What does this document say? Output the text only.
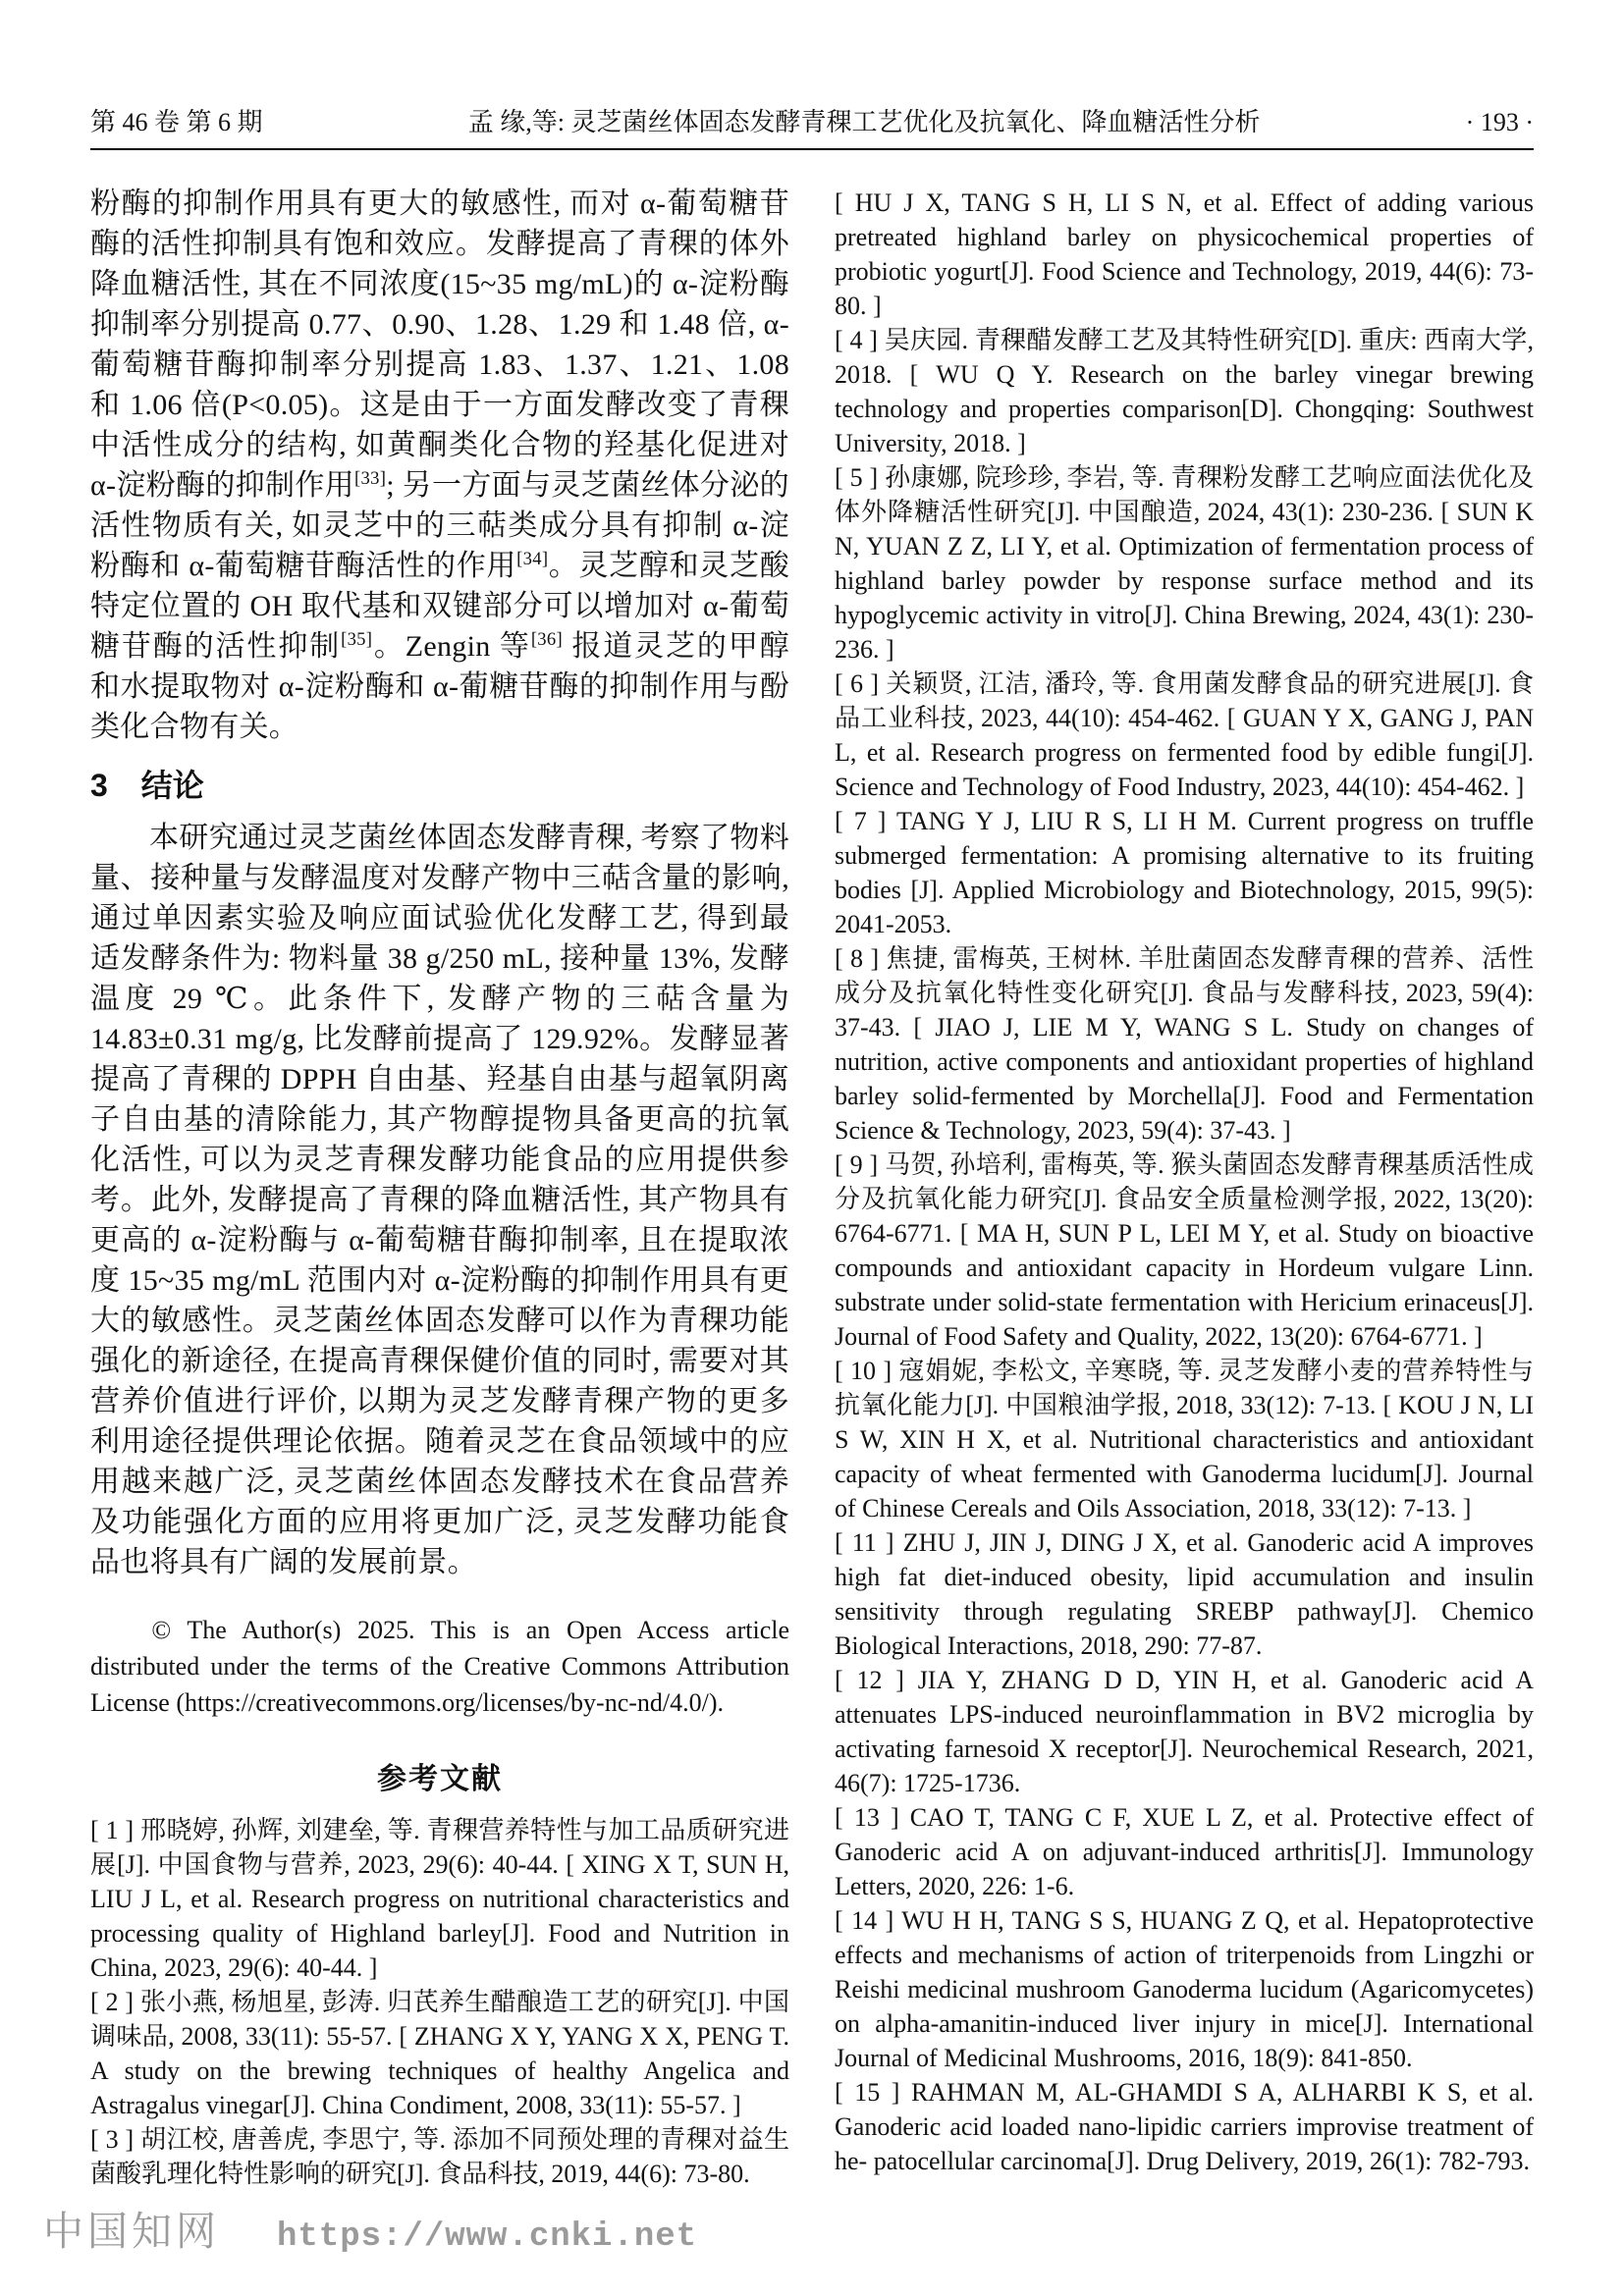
第 46 卷 第 6 期	孟 缘,等: 灵芝菌丝体固态发酵青稞工艺优化及抗氧化、降血糖活性分析	· 193 ·

粉酶的抑制作用具有更大的敏感性, 而对 α-葡萄糖苷酶的活性抑制具有饱和效应。发酵提高了青稞的体外降血糖活性, 其在不同浓度(15~35 mg/mL)的 α-淀粉酶抑制率分别提高 0.77、0.90、1.28、1.29 和 1.48 倍, α-葡萄糖苷酶抑制率分别提高 1.83、1.37、1.21、1.08 和 1.06 倍(P<0.05)。这是由于一方面发酵改变了青稞中活性成分的结构, 如黄酮类化合物的羟基化促进对 α-淀粉酶的抑制作用[33]; 另一方面与灵芝菌丝体分泌的活性物质有关, 如灵芝中的三萜类成分具有抑制 α-淀粉酶和 α-葡萄糖苷酶活性的作用[34]。灵芝醇和灵芝酸特定位置的 OH 取代基和双键部分可以增加对 α-葡萄糖苷酶的活性抑制[35]。Zengin 等[36] 报道灵芝的甲醇和水提取物对 α-淀粉酶和 α-葡糖苷酶的抑制作用与酚类化合物有关。

3 结论

本研究通过灵芝菌丝体固态发酵青稞, 考察了物料量、接种量与发酵温度对发酵产物中三萜含量的影响, 通过单因素实验及响应面试验优化发酵工艺, 得到最适发酵条件为: 物料量 38 g/250 mL, 接种量 13%, 发酵温度 29 ℃。此条件下, 发酵产物的三萜含量为 14.83±0.31 mg/g, 比发酵前提高了 129.92%。发酵显著提高了青稞的 DPPH 自由基、羟基自由基与超氧阴离子自由基的清除能力, 其产物醇提物具备更高的抗氧化活性, 可以为灵芝青稞发酵功能食品的应用提供参考。此外, 发酵提高了青稞的降血糖活性, 其产物具有更高的 α-淀粉酶与 α-葡萄糖苷酶抑制率, 且在提取浓度 15~35 mg/mL 范围内对 α-淀粉酶的抑制作用具有更大的敏感性。灵芝菌丝体固态发酵可以作为青稞功能强化的新途径, 在提高青稞保健价值的同时, 需要对其营养价值进行评价, 以期为灵芝发酵青稞产物的更多利用途径提供理论依据。随着灵芝在食品领域中的应用越来越广泛, 灵芝菌丝体固态发酵技术在食品营养及功能强化方面的应用将更加广泛, 灵芝发酵功能食品也将具有广阔的发展前景。

© The Author(s) 2025. This is an Open Access article distributed under the terms of the Creative Commons Attribution License (https://creativecommons.org/licenses/by-nc-nd/4.0/).

参考文献

[ 1 ] 邢晓婷, 孙辉, 刘建垒, 等. 青稞营养特性与加工品质研究进展[J]. 中国食物与营养, 2023, 29(6): 40-44. [ XING X T, SUN H, LIU J L, et al. Research progress on nutritional characteristics and processing quality of Highland barley[J]. Food and Nutrition in China, 2023, 29(6): 40-44. ]

[ 2 ] 张小燕, 杨旭星, 彭涛. 归芪养生醋酿造工艺的研究[J]. 中国调味品, 2008, 33(11): 55-57. [ ZHANG X Y, YANG X X, PENG T. A study on the brewing techniques of healthy Angelica and Astragalus vinegar[J]. China Condiment, 2008, 33(11): 55-57. ]

[ 3 ] 胡江校, 唐善虎, 李思宁, 等. 添加不同预处理的青稞对益生菌酸乳理化特性影响的研究[J]. 食品科技, 2019, 44(6): 73-80.

[ HU J X, TANG S H, LI S N, et al. Effect of adding various pretreated highland barley on physicochemical properties of probiotic yogurt[J]. Food Science and Technology, 2019, 44(6): 73-80. ]

[ 4 ] 吴庆园. 青稞醋发酵工艺及其特性研究[D]. 重庆: 西南大学, 2018. [ WU Q Y. Research on the barley vinegar brewing technology and properties comparison[D]. Chongqing: Southwest University, 2018. ]

[ 5 ] 孙康娜, 院珍珍, 李岩, 等. 青稞粉发酵工艺响应面法优化及体外降糖活性研究[J]. 中国酿造, 2024, 43(1): 230-236. [ SUN K N, YUAN Z Z, LI Y, et al. Optimization of fermentation process of highland barley powder by response surface method and its hypoglycemic activity in vitro[J]. China Brewing, 2024, 43(1): 230-236. ]

[ 6 ] 关颖贤, 江洁, 潘玲, 等. 食用菌发酵食品的研究进展[J]. 食品工业科技, 2023, 44(10): 454-462. [ GUAN Y X, GANG J, PAN L, et al. Research progress on fermented food by edible fungi[J]. Science and Technology of Food Industry, 2023, 44(10): 454-462. ]

[ 7 ] TANG Y J, LIU R S, LI H M. Current progress on truffle submerged fermentation: A promising alternative to its fruiting bodies [J]. Applied Microbiology and Biotechnology, 2015, 99(5): 2041-2053.

[ 8 ] 焦捷, 雷梅英, 王树林. 羊肚菌固态发酵青稞的营养、活性成分及抗氧化特性变化研究[J]. 食品与发酵科技, 2023, 59(4): 37-43. [ JIAO J, LIE M Y, WANG S L. Study on changes of nutrition, active components and antioxidant properties of highland barley solid-fermented by Morchella[J]. Food and Fermentation Science & Technology, 2023, 59(4): 37-43. ]

[ 9 ] 马贺, 孙培利, 雷梅英, 等. 猴头菌固态发酵青稞基质活性成分及抗氧化能力研究[J]. 食品安全质量检测学报, 2022, 13(20): 6764-6771. [ MA H, SUN P L, LEI M Y, et al. Study on bioactive compounds and antioxidant capacity in Hordeum vulgare Linn. substrate under solid-state fermentation with Hericium erinaceus[J]. Journal of Food Safety and Quality, 2022, 13(20): 6764-6771. ]

[ 10 ] 寇娟妮, 李松文, 辛寒晓, 等. 灵芝发酵小麦的营养特性与抗氧化能力[J]. 中国粮油学报, 2018, 33(12): 7-13. [ KOU J N, LI S W, XIN H X, et al. Nutritional characteristics and antioxidant capacity of wheat fermented with Ganoderma lucidum[J]. Journal of Chinese Cereals and Oils Association, 2018, 33(12): 7-13. ]

[ 11 ] ZHU J, JIN J, DING J X, et al. Ganoderic acid A improves high fat diet-induced obesity, lipid accumulation and insulin sensitivity through regulating SREBP pathway[J]. Chemico Biological Interactions, 2018, 290: 77-87.

[ 12 ] JIA Y, ZHANG D D, YIN H, et al. Ganoderic acid A attenuates LPS-induced neuroinflammation in BV2 microglia by activating farnesoid X receptor[J]. Neurochemical Research, 2021, 46(7): 1725-1736.

[ 13 ] CAO T, TANG C F, XUE L Z, et al. Protective effect of Ganoderic acid A on adjuvant-induced arthritis[J]. Immunology Letters, 2020, 226: 1-6.

[ 14 ] WU H H, TANG S S, HUANG Z Q, et al. Hepatoprotective effects and mechanisms of action of triterpenoids from Lingzhi or Reishi medicinal mushroom Ganoderma lucidum (Agaricomycetes) on alpha-amanitin-induced liver injury in mice[J]. International Journal of Medicinal Mushrooms, 2016, 18(9): 841-850.

[ 15 ] RAHMAN M, AL-GHAMDI S A, ALHARBI K S, et al. Ganoderic acid loaded nano-lipidic carriers improvise treatment of he- patocellular carcinoma[J]. Drug Delivery, 2019, 26(1): 782-793.

中国知网 https://www.cnki.net
